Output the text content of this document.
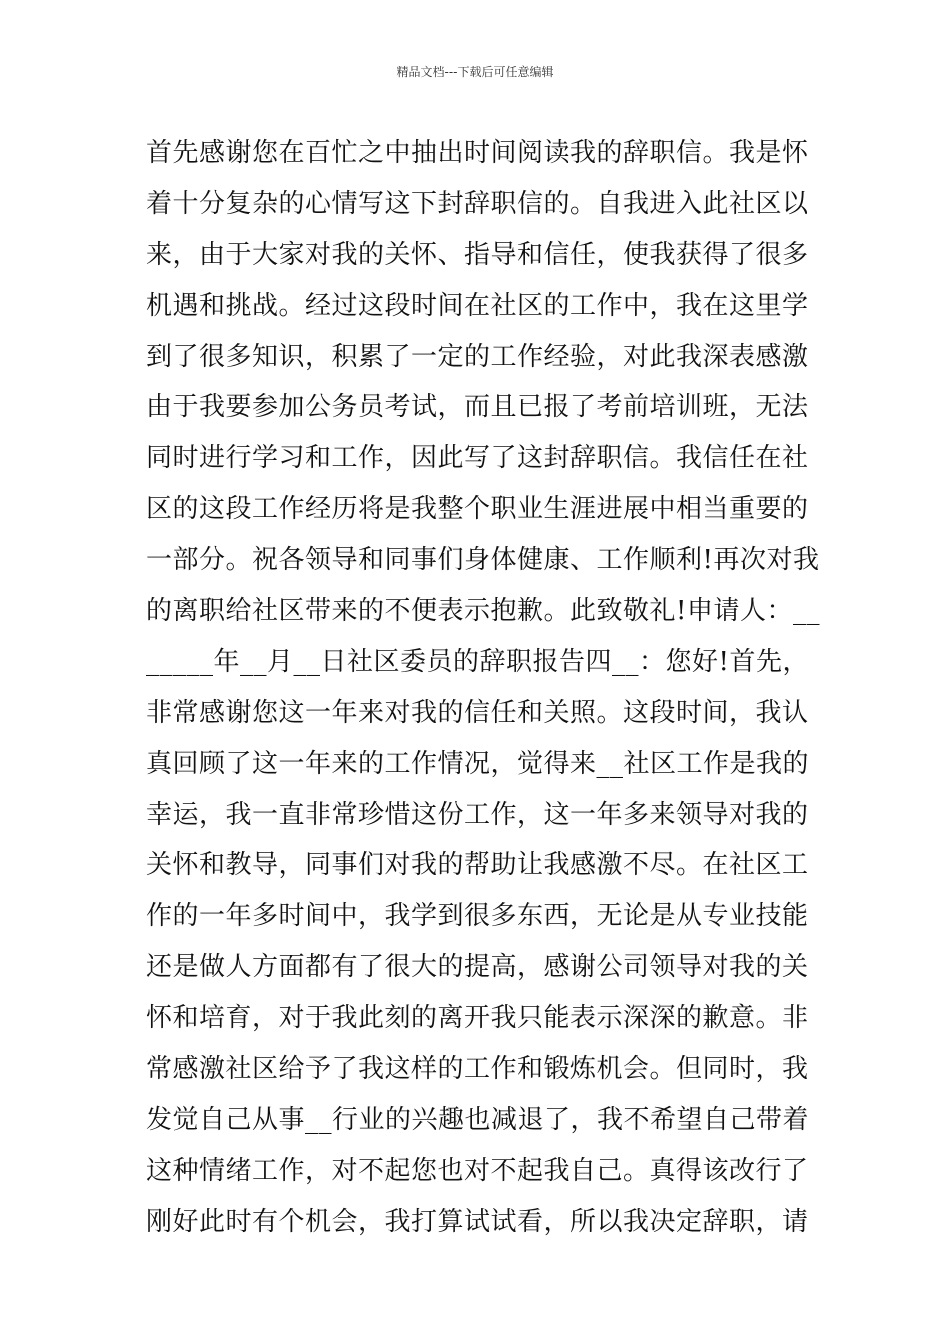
精品文档---下载后可任意编辑
首先感谢您在百忙之中抽出时间阅读我的辞职信。我是怀
着十分复杂的心情写这下封辞职信的。自我进入此社区以
来，由于大家对我的关怀、指导和信任，使我获得了很多
机遇和挑战。经过这段时间在社区的工作中，我在这里学
到了很多知识，积累了一定的工作经验，对此我深表感激
由于我要参加公务员考试，而且已报了考前培训班，无法
同时进行学习和工作，因此写了这封辞职信。我信任在社
区的这段工作经历将是我整个职业生涯进展中相当重要的
一部分。祝各领导和同事们身体健康、工作顺利!再次对我
的离职给社区带来的不便表示抱歉。此致敬礼!申请人：__
_____年__月__日社区委员的辞职报告四__：您好!首先，
非常感谢您这一年来对我的信任和关照。这段时间，我认
真回顾了这一年来的工作情况，觉得来__社区工作是我的
幸运，我一直非常珍惜这份工作，这一年多来领导对我的
关怀和教导，同事们对我的帮助让我感激不尽。在社区工
作的一年多时间中，我学到很多东西，无论是从专业技能
还是做人方面都有了很大的提高，感谢公司领导对我的关
怀和培育，对于我此刻的离开我只能表示深深的歉意。非
常感激社区给予了我这样的工作和锻炼机会。但同时，我
发觉自己从事__行业的兴趣也减退了，我不希望自己带着
这种情绪工作，对不起您也对不起我自己。真得该改行了
刚好此时有个机会，我打算试试看，所以我决定辞职，请
